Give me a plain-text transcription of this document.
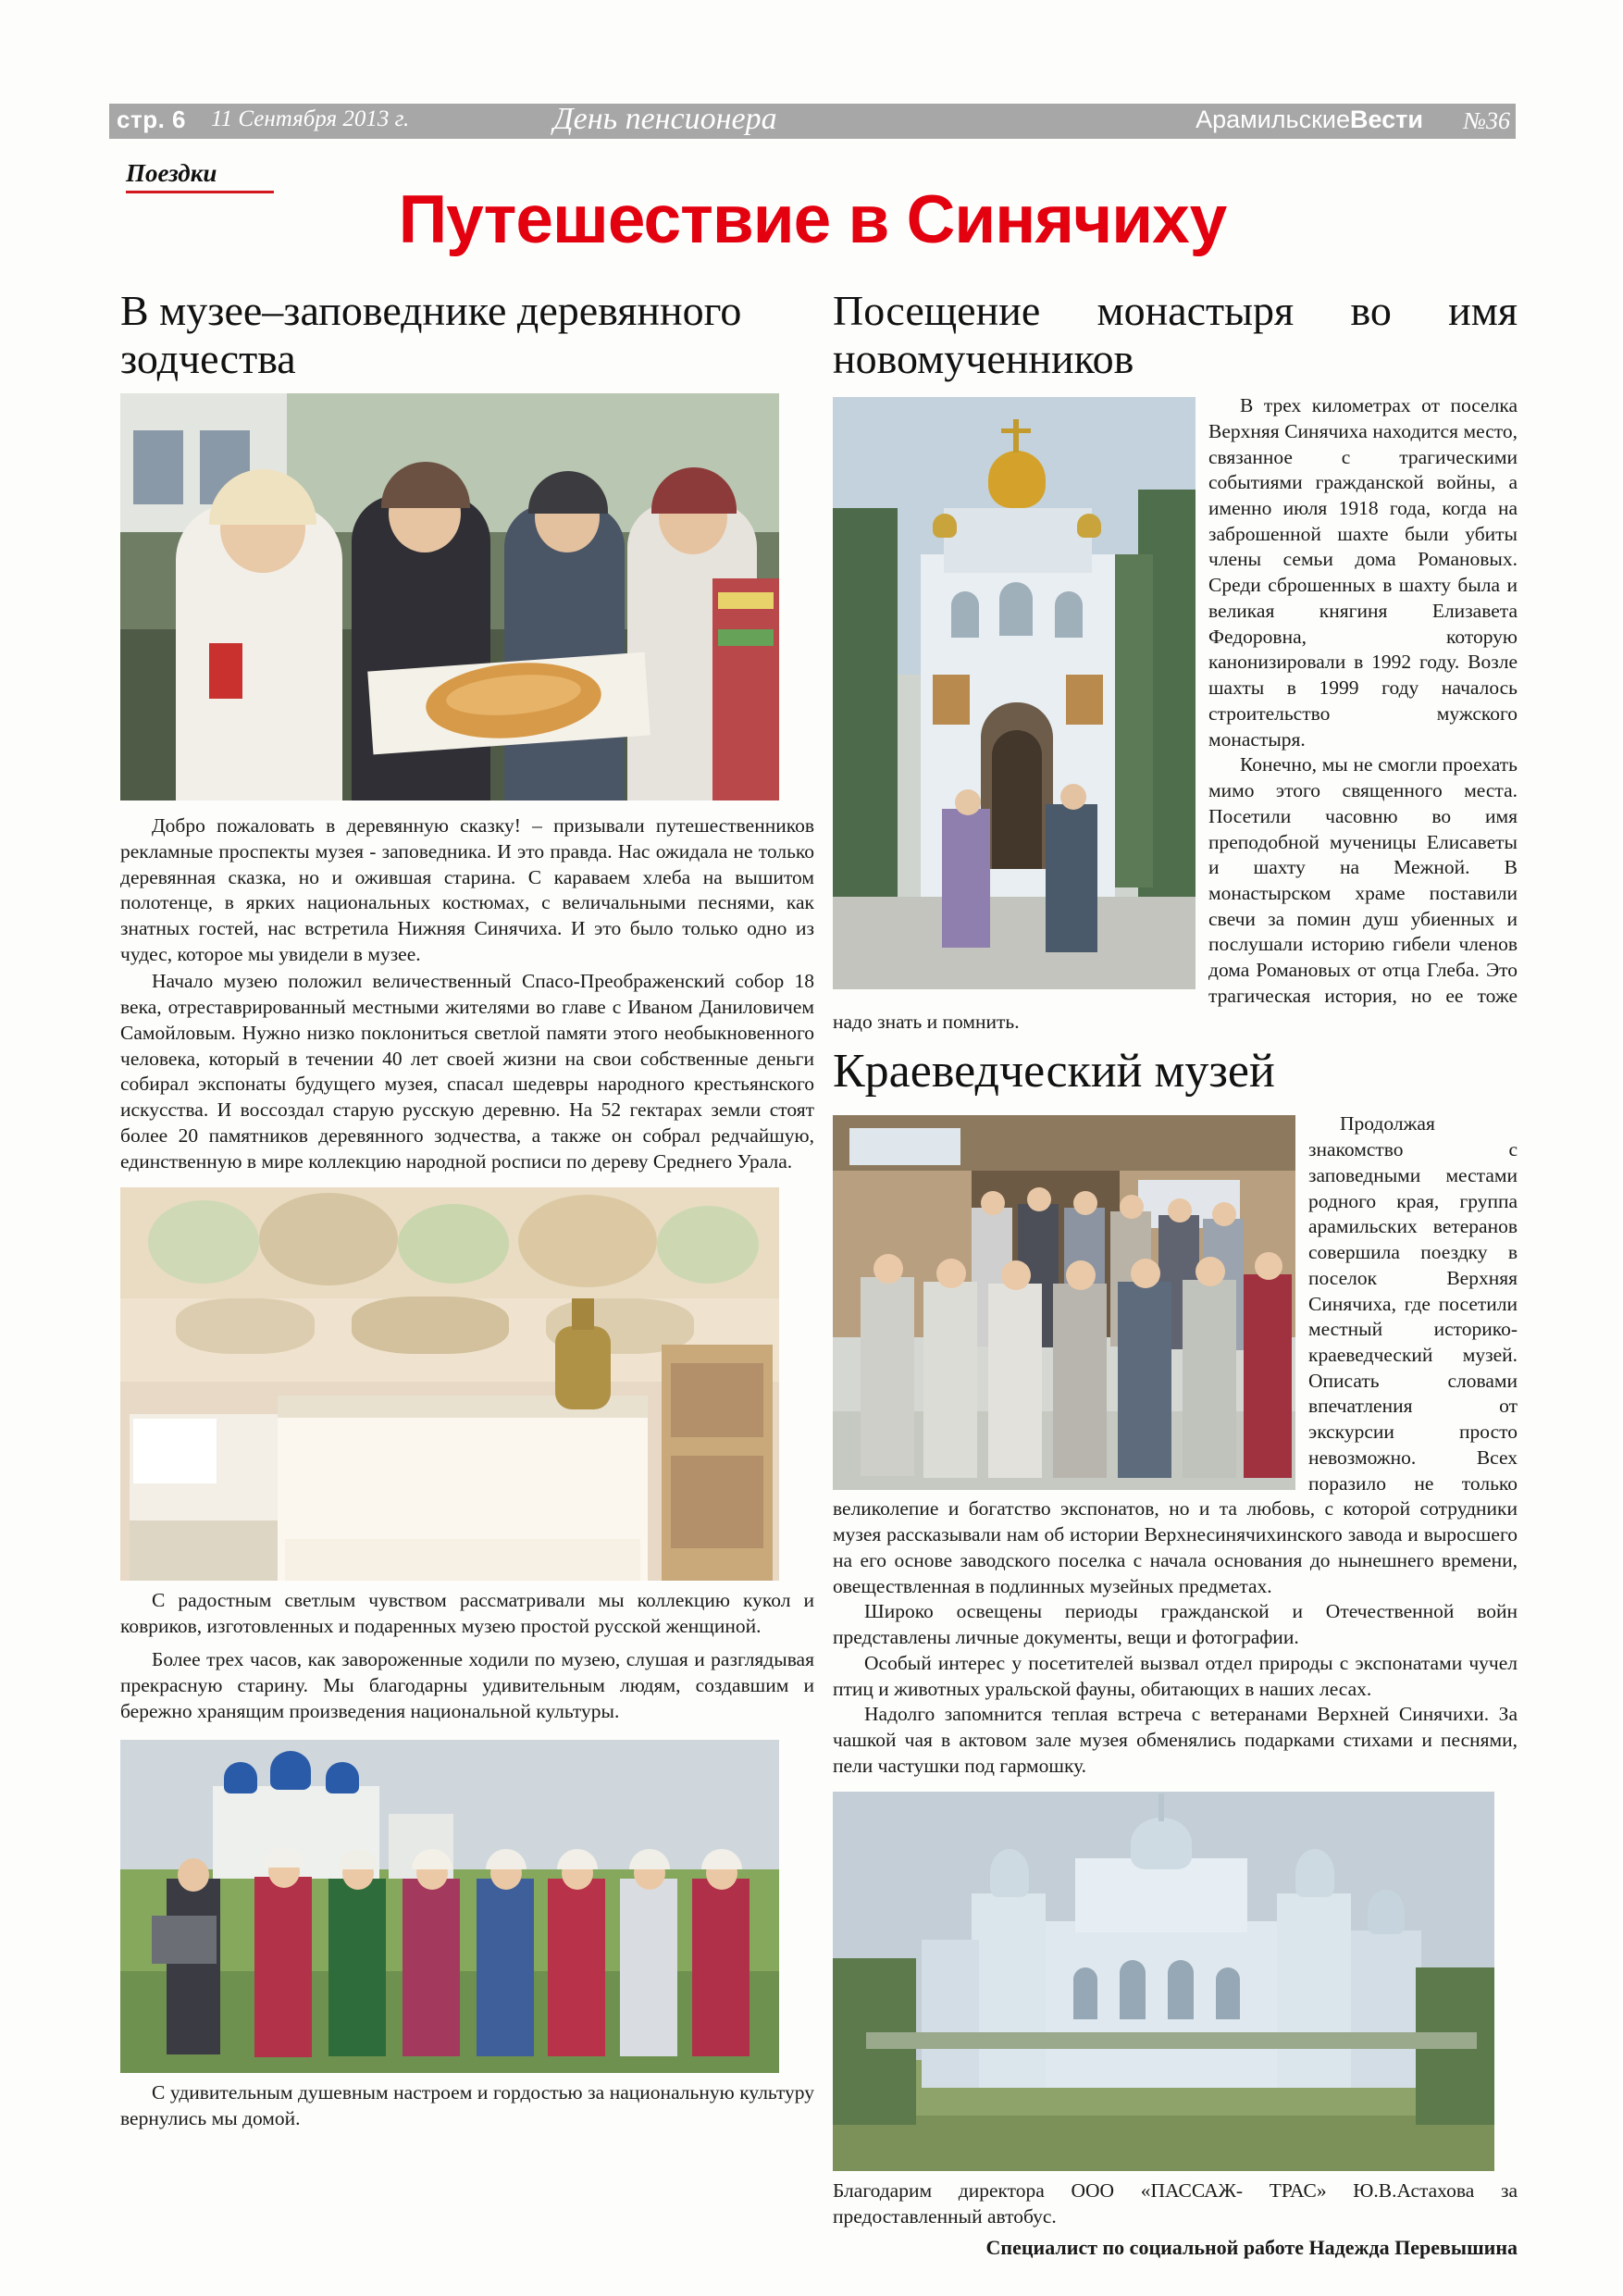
стр. 6 11 Сентября 2013 г.	День пенсионера	АрамильскиеВести №36
Поездки
Путешествие в Синячиху
В музее–заповеднике деревянного зодчества

Добро пожаловать в деревянную сказку! – призывали путешественников рекламные проспекты музея - заповедника. И это правда. Нас ожидала не только деревянная сказка, но и ожившая старина. С караваем хлеба на вышитом полотенце, в ярких национальных костюмах, с величальными песнями, как знатных гостей, нас встретила Нижняя Синячиха. И это было только одно из чудес, которое мы увидели в музее.

Начало музею положил величественный Спасо-Преображенский собор 18 века, отреставрированный местными жителями во главе с Иваном Даниловичем Самойловым. Нужно низко поклониться светлой памяти этого необыкновенного человека, который в течении 40 лет своей жизни на свои собственные деньги собирал экспонаты будущего музея, спасал шедевры народного крестьянского искусства. И воссоздал старую русскую деревню. На 52 гектарах земли стоят более 20 памятников деревянного зодчества, а также он собрал редчайшую, единственную в мире коллекцию народной росписи по дереву Среднего Урала.

С радостным светлым чувством рассматривали мы коллекцию кукол и ковриков, изготовленных и подаренных музею простой русской женщиной.

Более трех часов, как завороженные ходили по музею, слушая и разглядывая прекрасную старину. Мы благодарны удивительным людям, создавшим и бережно хранящим произведения национальной культуры.

С удивительным душевным настроем и гордостью за национальную культуру вернулись мы домой.

Посещение монастыря во имя новомученников
В трех километрах от поселка Верхняя Синячиха находится место, связанное с трагическими событиями гражданской войны, а именно июля 1918 года, когда на заброшенной шахте были убиты члены семьи дома Романовых. Среди сброшенных в шахту была и великая княгиня Елизавета Федоровна, которую канонизировали в 1992 году. Возле шахты в 1999 году началось строительство мужского монастыря.
Конечно, мы не смогли проехать мимо этого священного места. Посетили часовню во имя преподобной мученицы Елисаветы и шахту на Межной. В монастырском храме поставили свечи за помин душ убиенных и послушали историю гибели членов дома Романовых от отца Глеба. Это трагическая история, но ее тоже надо знать и помнить.
Краеведческий музей
Продолжая знакомство с заповедными местами родного края, группа арамильских ветеранов совершила поездку в поселок Верхняя Синячиха, где посетили местный историко-краеведческий музей. Описать словами впечатления от экскурсии просто невозможно. Всех поразило не только великолепие и богатство экспонатов, но и та любовь, с которой сотрудники музея рассказывали нам об истории Верхнесинячихинского завода и выросшего на его основе заводского поселка с начала основания до нынешнего времени, овеществленная в подлинных музейных предметах.
Широко освещены периоды гражданской и Отечественной войн представлены личные документы, вещи и фотографии.
Особый интерес у посетителей вызвал отдел природы с экспонатами чучел птиц и животных уральской фауны, обитающих в наших лесах.
Надолго запомнится теплая встреча с ветеранами Верхней Синячихи. За чашкой чая в актовом зале музея обменялись подарками стихами и песнями, пели частушки под гармошку.

Благодарим директора ООО «ПАССАЖ- ТРАС» Ю.В.Астахова за предоставленный автобус.

Специалист по социальной работе Надежда Перевышина
